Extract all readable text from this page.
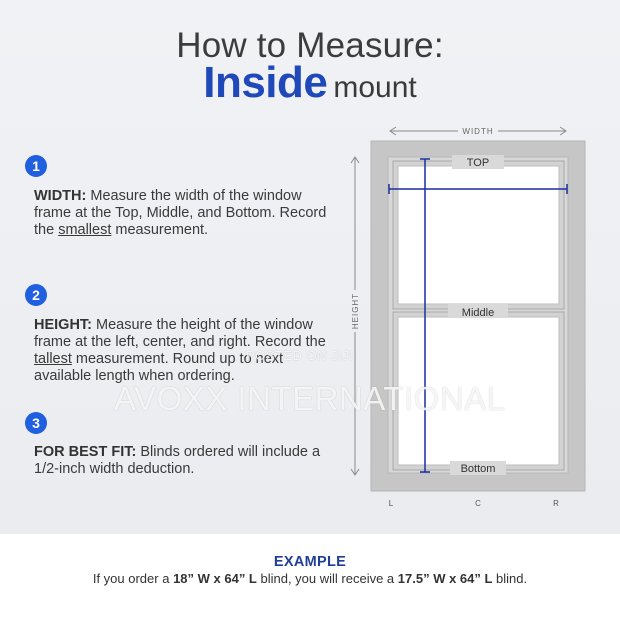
How to Measure:
Inside mount
1
WIDTH: Measure the width of the window frame at the Top, Middle, and Bottom. Record the smallest measurement.
2
HEIGHT: Measure the height of the window frame at the left, center, and right. Record the tallest measurement. Round up to next available length when ordering.
3
FOR BEST FIT: Blinds ordered will include a 1/2-inch width deduction.
WIDTH
HEIGHT
TOP
Middle
Bottom
L	C	R
POSTED ON JIJI
AVOXX INTERNATIONAL
EXAMPLE
If you order a 18” W x 64” L blind, you will receive a 17.5” W x 64” L blind.
